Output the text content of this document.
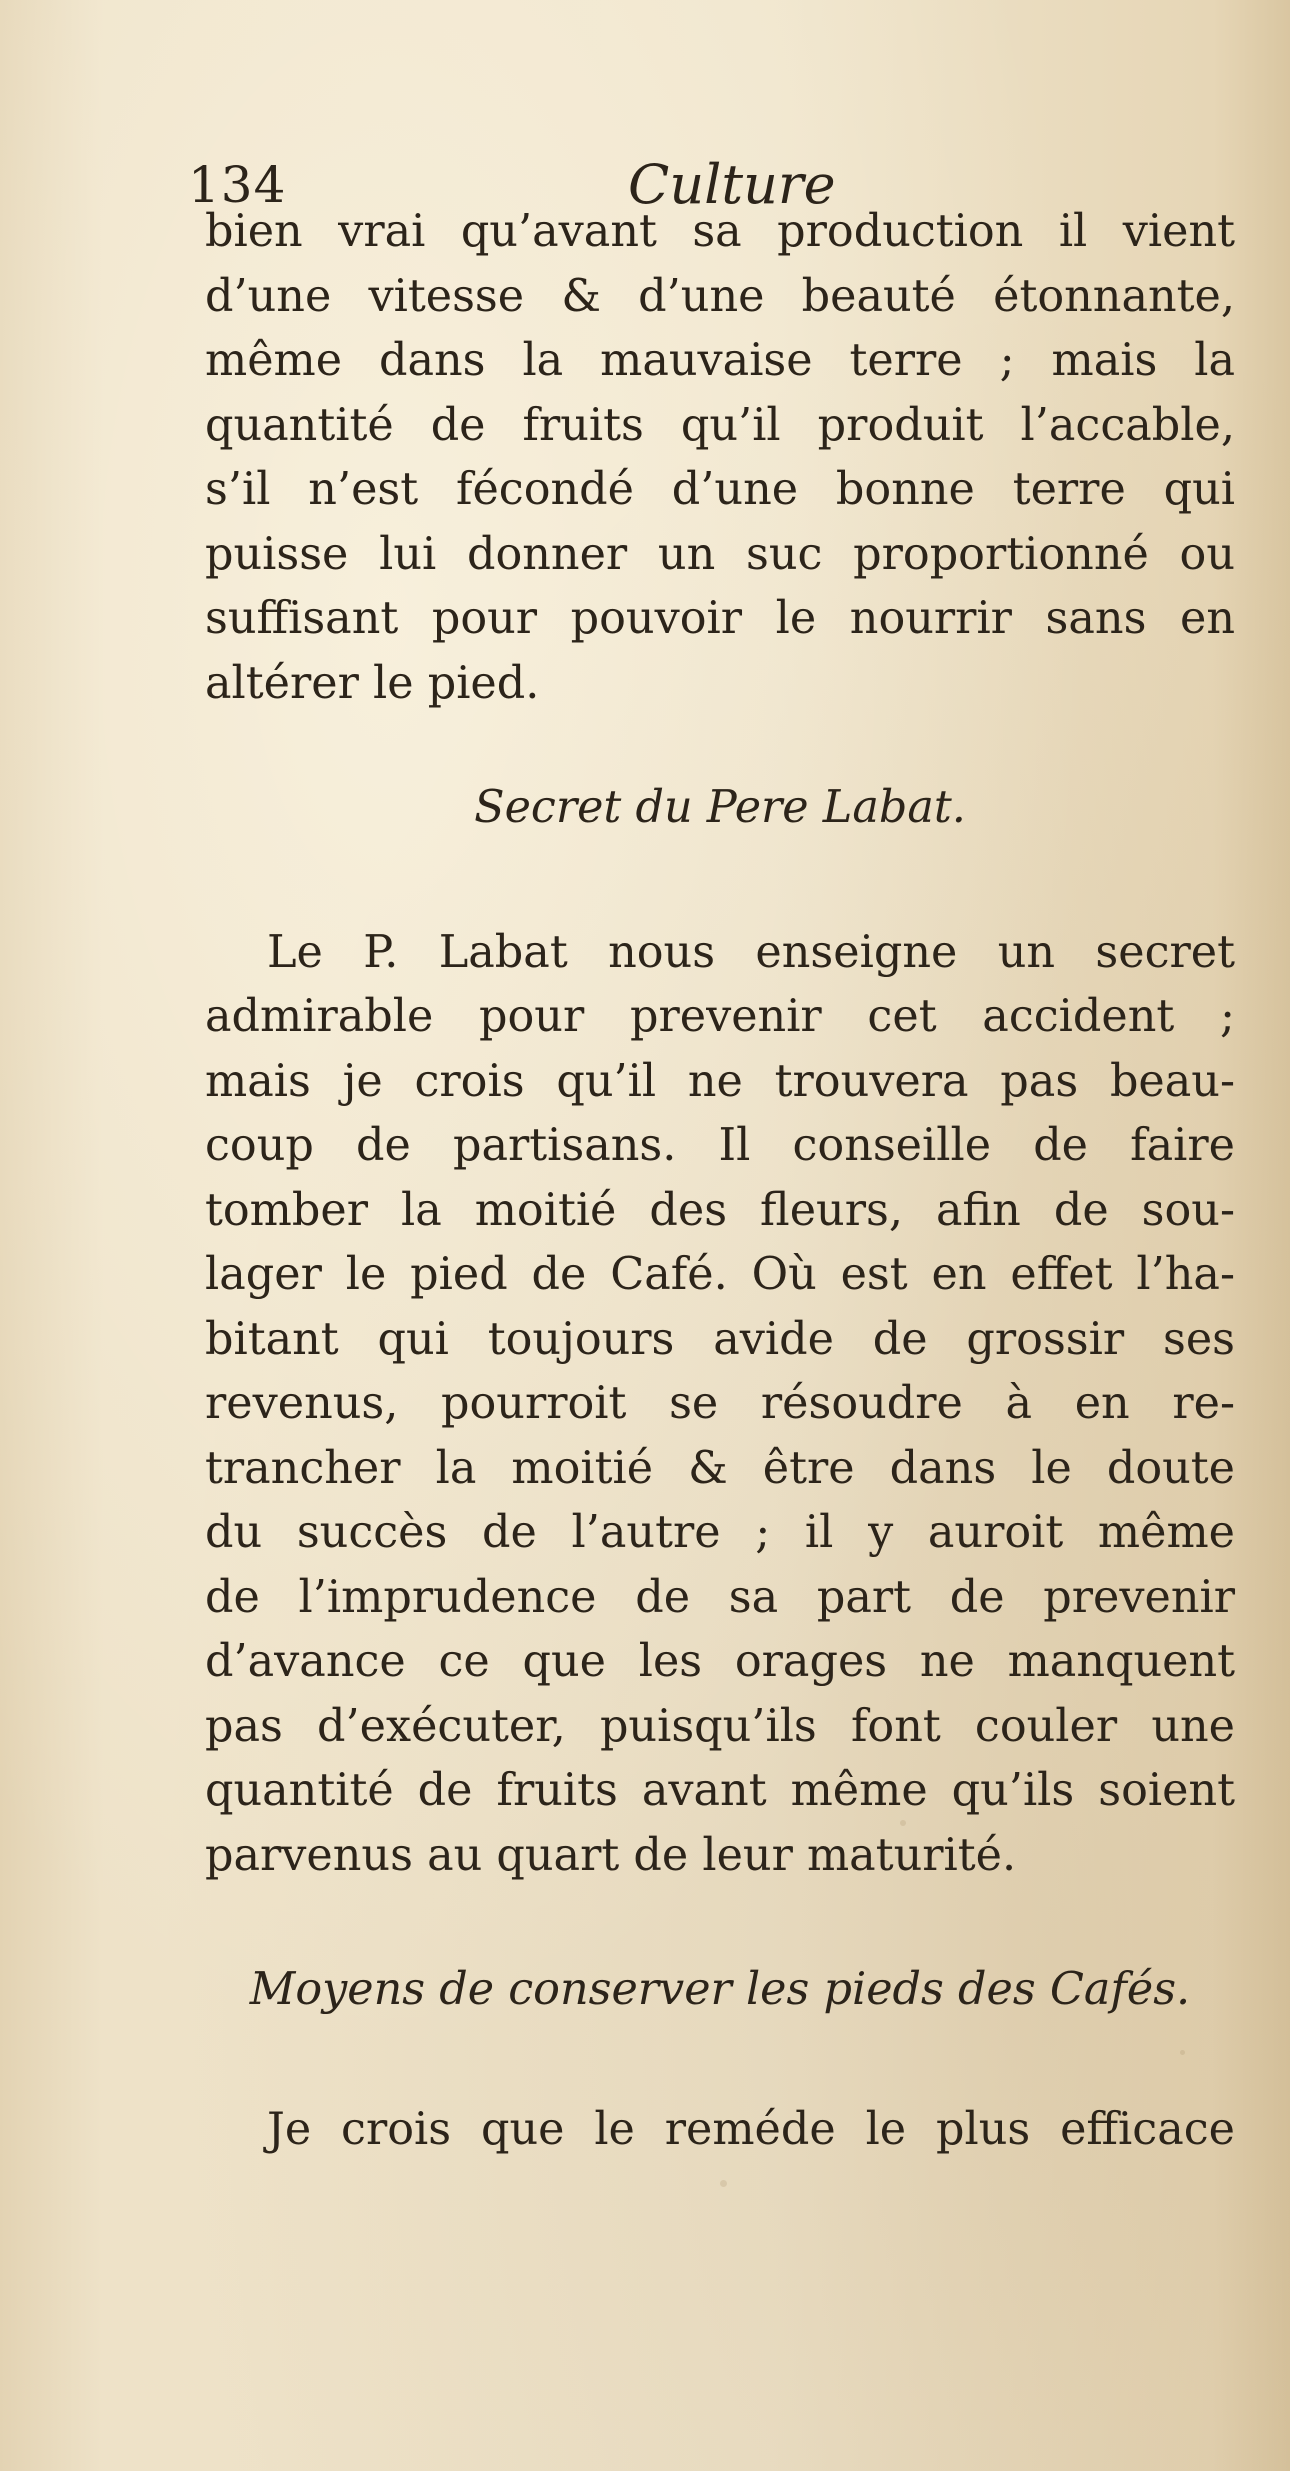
134	Culture
bien vrai qu’avant sa production il vient
d’une vitesse & d’une beauté étonnante,
même dans la mauvaise terre ; mais la
quantité de fruits qu’il produit l’accable,
s’il n’est fécondé d’une bonne terre qui
puisse lui donner un suc proportionné ou
suffisant pour pouvoir le nourrir sans en
altérer le pied.
Secret du Pere Labat.
Le P. Labat nous enseigne un secret
admirable pour prevenir cet accident ;
mais je crois qu’il ne trouvera pas beau-
coup de partisans. Il conseille de faire
tomber la moitié des fleurs, afin de sou-
lager le pied de Café. Où est en effet l’ha-
bitant qui toujours avide de grossir ses
revenus, pourroit se résoudre à en re-
trancher la moitié & être dans le doute
du succès de l’autre ; il y auroit même
de l’imprudence de sa part de prevenir
d’avance ce que les orages ne manquent
pas d’exécuter, puisqu’ils font couler une
quantité de fruits avant même qu’ils soient
parvenus au quart de leur maturité.
Moyens de conserver les pieds des Cafés.
Je crois que le reméde le plus efficace
